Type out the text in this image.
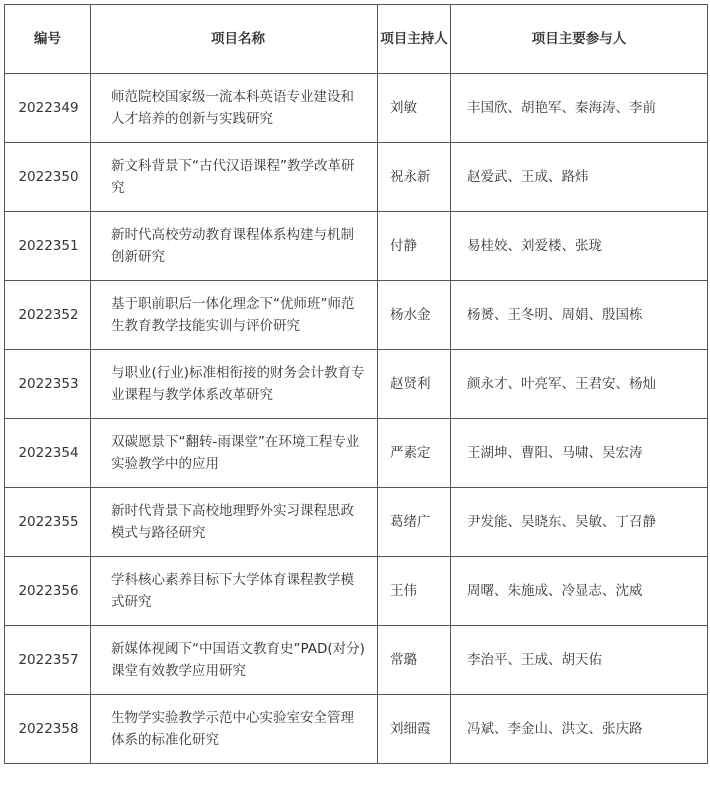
编号	项目名称	项目主持人	项目主要参与人
2022349	师范院校国家级一流本科英语专业建设和人才培养的创新与实践研究	刘敏	丰国欣、胡艳军、秦海涛、李前
2022350	新文科背景下“古代汉语课程”教学改革研究	祝永新	赵爱武、王成、路炜
2022351	新时代高校劳动教育课程体系构建与机制创新研究	付静	易桂姣、刘爱楼、张珑
2022352	基于职前职后一体化理念下“优师班”师范生教育教学技能实训与评价研究	杨水金	杨赟、王冬明、周娟、殷国栋
2022353	与职业(行业)标准相衔接的财务会计教育专业课程与教学体系改革研究	赵贤利	颜永才、叶亮军、王君安、杨灿
2022354	双碳愿景下“翻转-雨课堂”在环境工程专业实验教学中的应用	严素定	王湖坤、曹阳、马啸、吴宏涛
2022355	新时代背景下高校地理野外实习课程思政模式与路径研究	葛绪广	尹发能、吴晓东、吴敏、丁召静
2022356	学科核心素养目标下大学体育课程教学模式研究	王伟	周曙、朱施成、冷显志、沈威
2022357	新媒体视阈下“中国语文教育史”PAD(对分)课堂有效教学应用研究	常璐	李治平、王成、胡天佑
2022358	生物学实验教学示范中心实验室安全管理体系的标准化研究	刘细霞	冯斌、李金山、洪文、张庆路
